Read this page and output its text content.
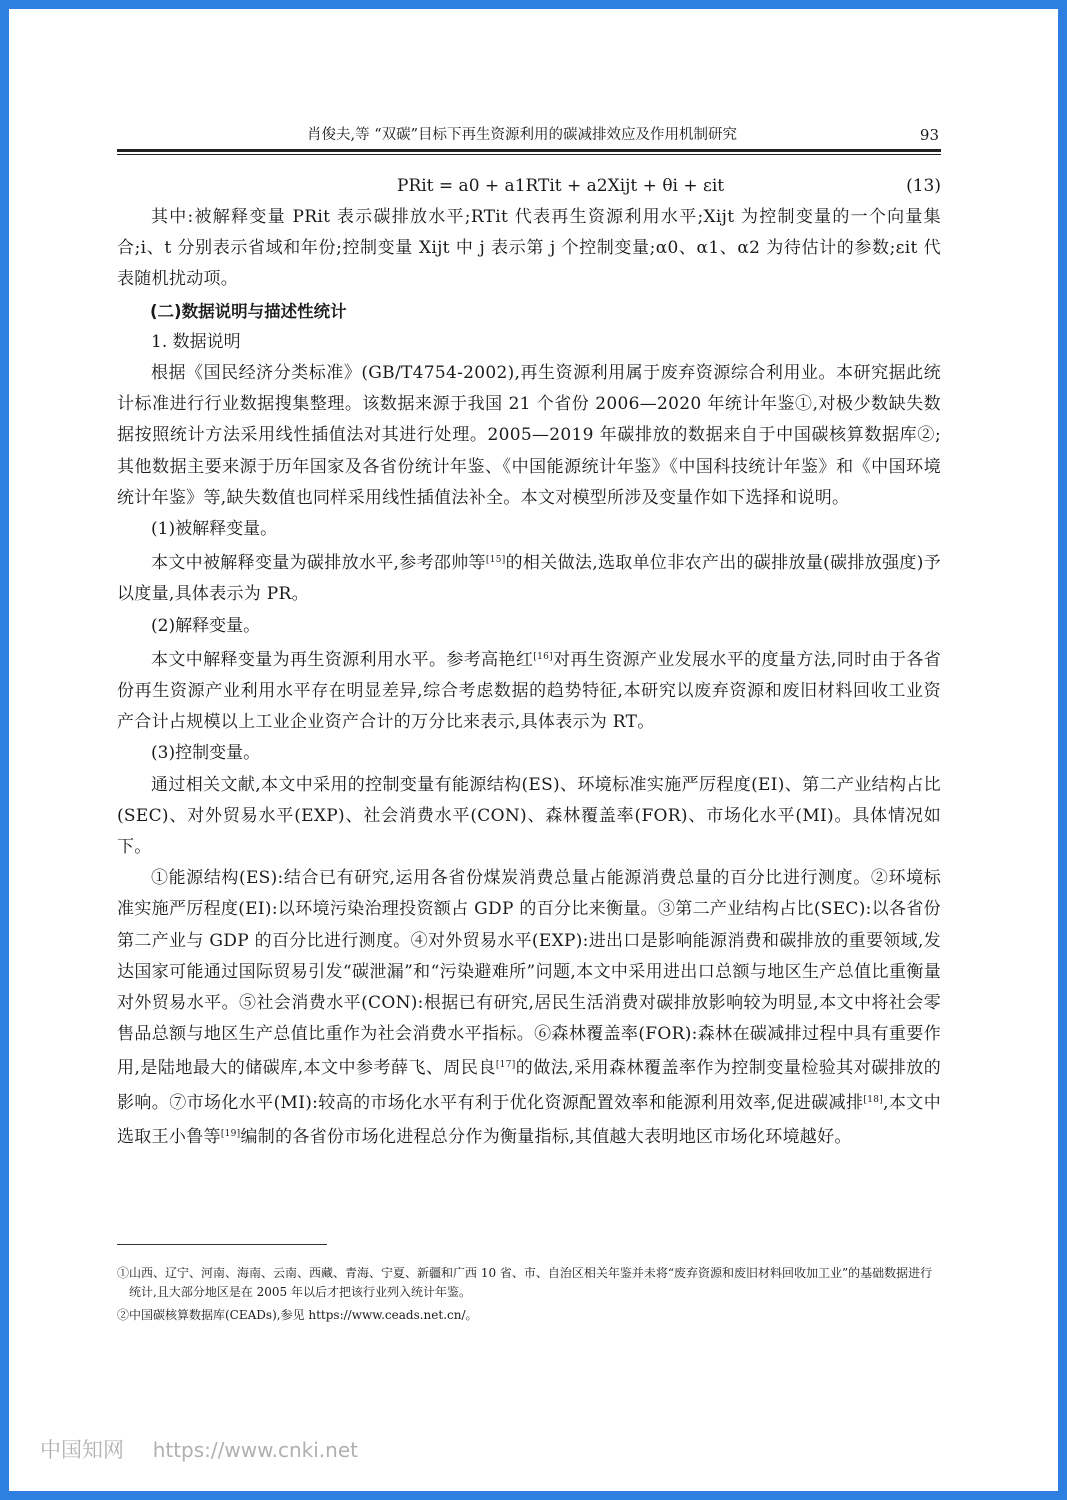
肖俊夫,等 “双碳”目标下再生资源利用的碳减排效应及作用机制研究	93
PRit = a0 + a1RTit + a2Xijt + θi + εit	(13)

其中:被解释变量 PRit 表示碳排放水平;RTit 代表再生资源利用水平;Xijt 为控制变量的一个向量集合;i、t 分别表示省域和年份;控制变量 Xijt 中 j 表示第 j 个控制变量;α0、α1、α2 为待估计的参数;εit 代表随机扰动项。

(二)数据说明与描述性统计

1. 数据说明

根据《国民经济分类标准》(GB/T4754-2002),再生资源利用属于废弃资源综合利用业。本研究据此统计标准进行行业数据搜集整理。该数据来源于我国 21 个省份 2006—2020 年统计年鉴①,对极少数缺失数据按照统计方法采用线性插值法对其进行处理。2005—2019 年碳排放的数据来自于中国碳核算数据库②;其他数据主要来源于历年国家及各省份统计年鉴、《中国能源统计年鉴》《中国科技统计年鉴》和《中国环境统计年鉴》等,缺失数值也同样采用线性插值法补全。本文对模型所涉及变量作如下选择和说明。

(1)被解释变量。

本文中被解释变量为碳排放水平,参考邵帅等[15]的相关做法,选取单位非农产出的碳排放量(碳排放强度)予以度量,具体表示为 PR。

(2)解释变量。

本文中解释变量为再生资源利用水平。参考高艳红[16]对再生资源产业发展水平的度量方法,同时由于各省份再生资源产业利用水平存在明显差异,综合考虑数据的趋势特征,本研究以废弃资源和废旧材料回收工业资产合计占规模以上工业企业资产合计的万分比来表示,具体表示为 RT。

(3)控制变量。

通过相关文献,本文中采用的控制变量有能源结构(ES)、环境标准实施严厉程度(EI)、第二产业结构占比(SEC)、对外贸易水平(EXP)、社会消费水平(CON)、森林覆盖率(FOR)、市场化水平(MI)。具体情况如下。

①能源结构(ES):结合已有研究,运用各省份煤炭消费总量占能源消费总量的百分比进行测度。②环境标准实施严厉程度(EI):以环境污染治理投资额占 GDP 的百分比来衡量。③第二产业结构占比(SEC):以各省份第二产业与 GDP 的百分比进行测度。④对外贸易水平(EXP):进出口是影响能源消费和碳排放的重要领域,发达国家可能通过国际贸易引发“碳泄漏”和“污染避难所”问题,本文中采用进出口总额与地区生产总值比重衡量对外贸易水平。⑤社会消费水平(CON):根据已有研究,居民生活消费对碳排放影响较为明显,本文中将社会零售品总额与地区生产总值比重作为社会消费水平指标。⑥森林覆盖率(FOR):森林在碳减排过程中具有重要作用,是陆地最大的储碳库,本文中参考薛飞、周民良[17]的做法,采用森林覆盖率作为控制变量检验其对碳排放的影响。⑦市场化水平(MI):较高的市场化水平有利于优化资源配置效率和能源利用效率,促进碳减排[18],本文中选取王小鲁等[19]编制的各省份市场化进程总分作为衡量指标,其值越大表明地区市场化环境越好。

①山西、辽宁、河南、海南、云南、西藏、青海、宁夏、新疆和广西 10 省、市、自治区相关年鉴并未将“废弃资源和废旧材料回收加工业”的基础数据进行统计,且大部分地区是在 2005 年以后才把该行业列入统计年鉴。

②中国碳核算数据库(CEADs),参见 https://www.ceads.net.cn/。

中国知网 https://www.cnki.net
